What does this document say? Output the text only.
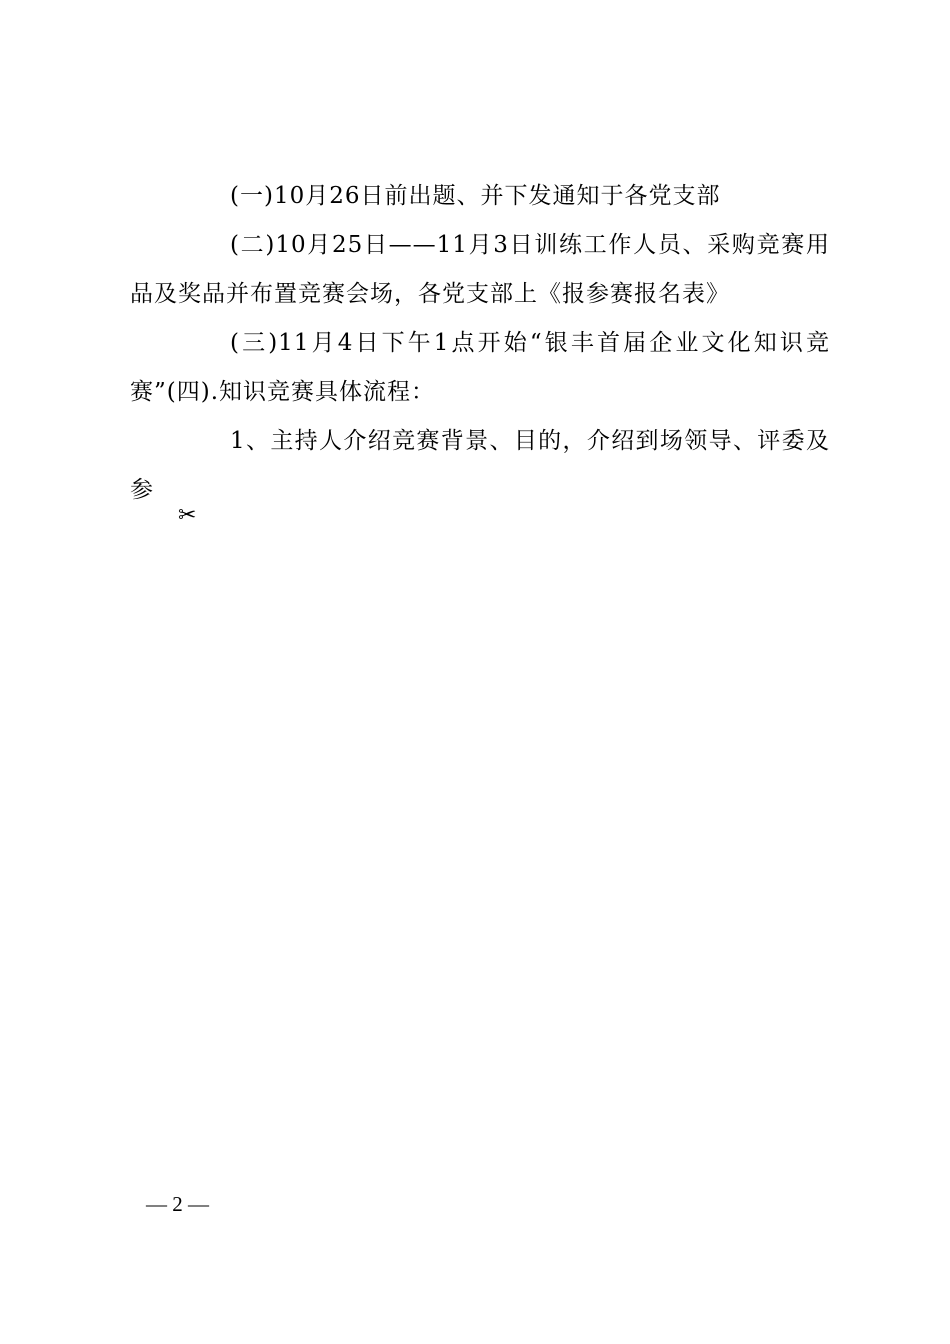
(一)10月26日前出题、并下发通知于各党支部

(二)10月25日——11月3日训练工作人员、采购竞赛用品及奖品并布置竞赛会场，各党支部上《报参赛报名表》

(三)11月4日下午1点开始“银丰首届企业文化知识竞赛”(四).知识竞赛具体流程：

1、主持人介绍竞赛背景、目的，介绍到场领导、评委及参

✂
— 2 —
